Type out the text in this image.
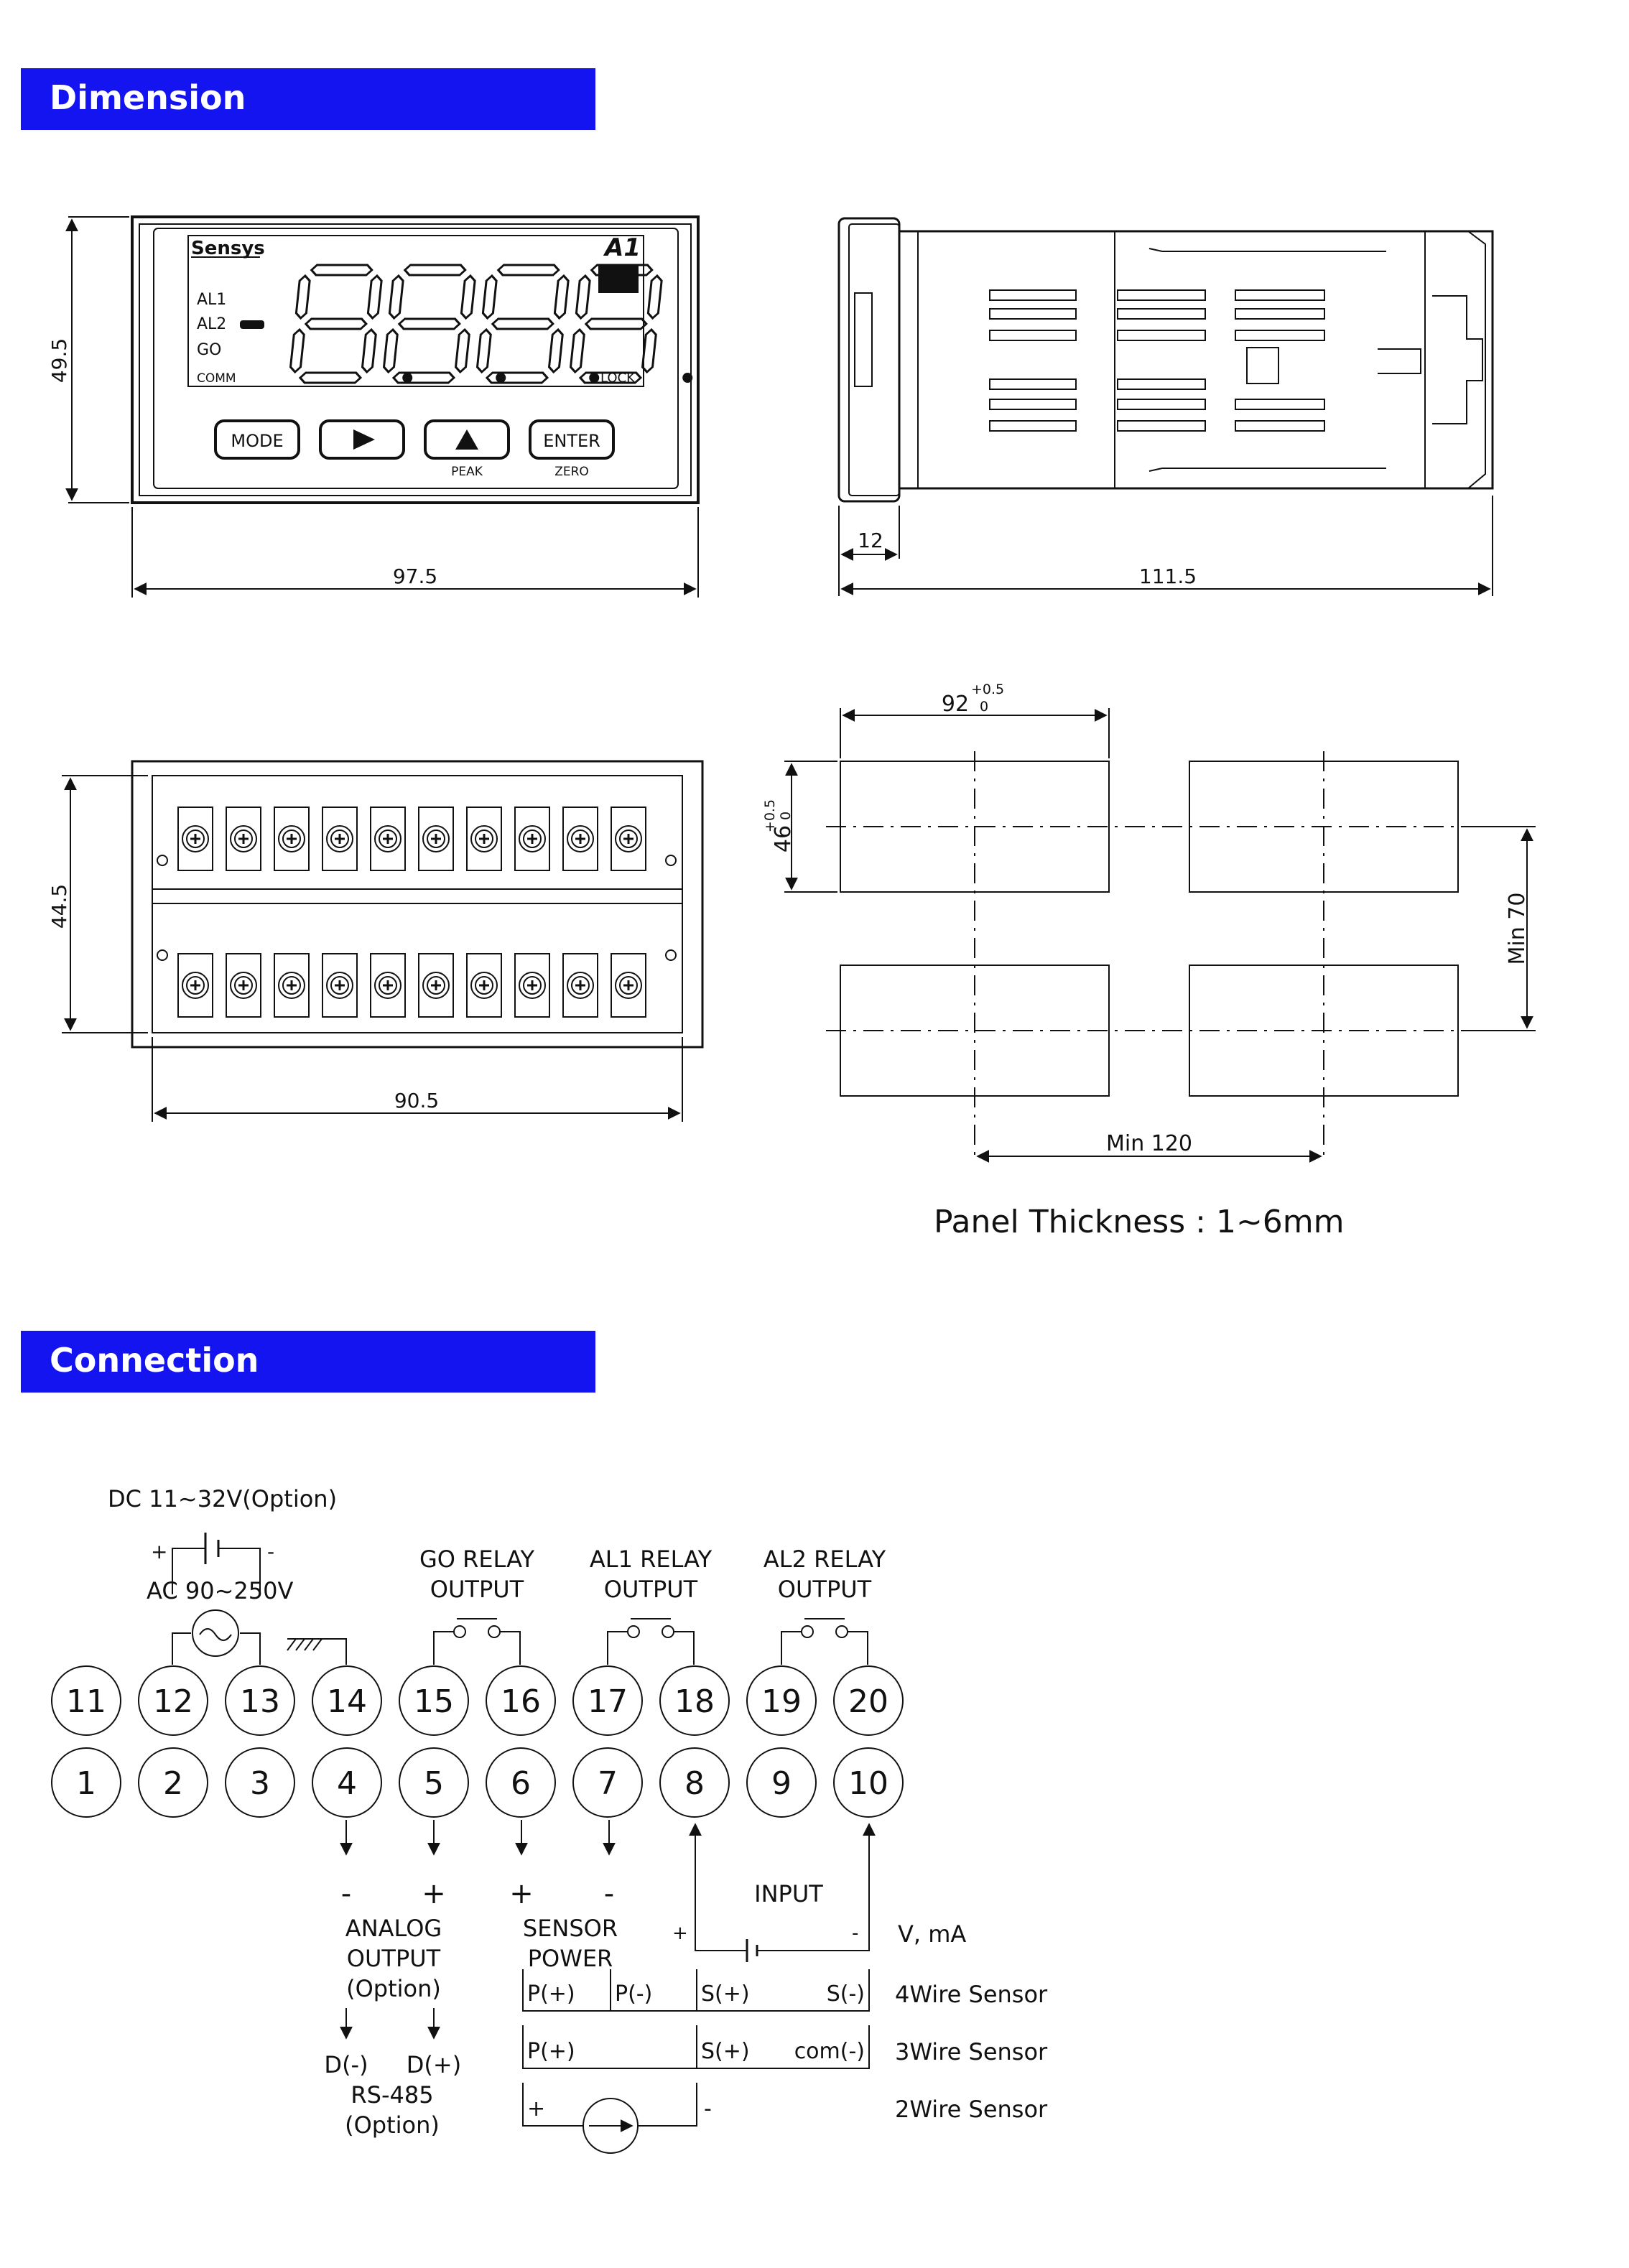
Dimension
Connection
Sensys	A1
AL1
AL2
GO
COMM	LOCK
MODE
PEAK
ENTER
ZERO
49.5
97.5
12
111.5
44.5
90.5
92
+0.5
0
46
+0.5 0
Min 70
Min 120
Panel Thickness : 1~6mm
DC 11~32V(Option)
+	-
AC 90~250V
GO RELAY
OUTPUT
AL1 RELAY
OUTPUT
AL2 RELAY
OUTPUT
11 12 13 14 15 16 17 18 19 20
1 2 3 4 5 6 7 8 9 10
- + + -
ANALOG
OUTPUT
(Option)
SENSOR
POWER
INPUT
+	- V, mA
D(-) D(+)
RS-485
(Option)
P(+) P(-) S(+)	S(-) 4Wire Sensor
P(+)	S(+) com(-) 3Wire Sensor
+	-	2Wire Sensor
